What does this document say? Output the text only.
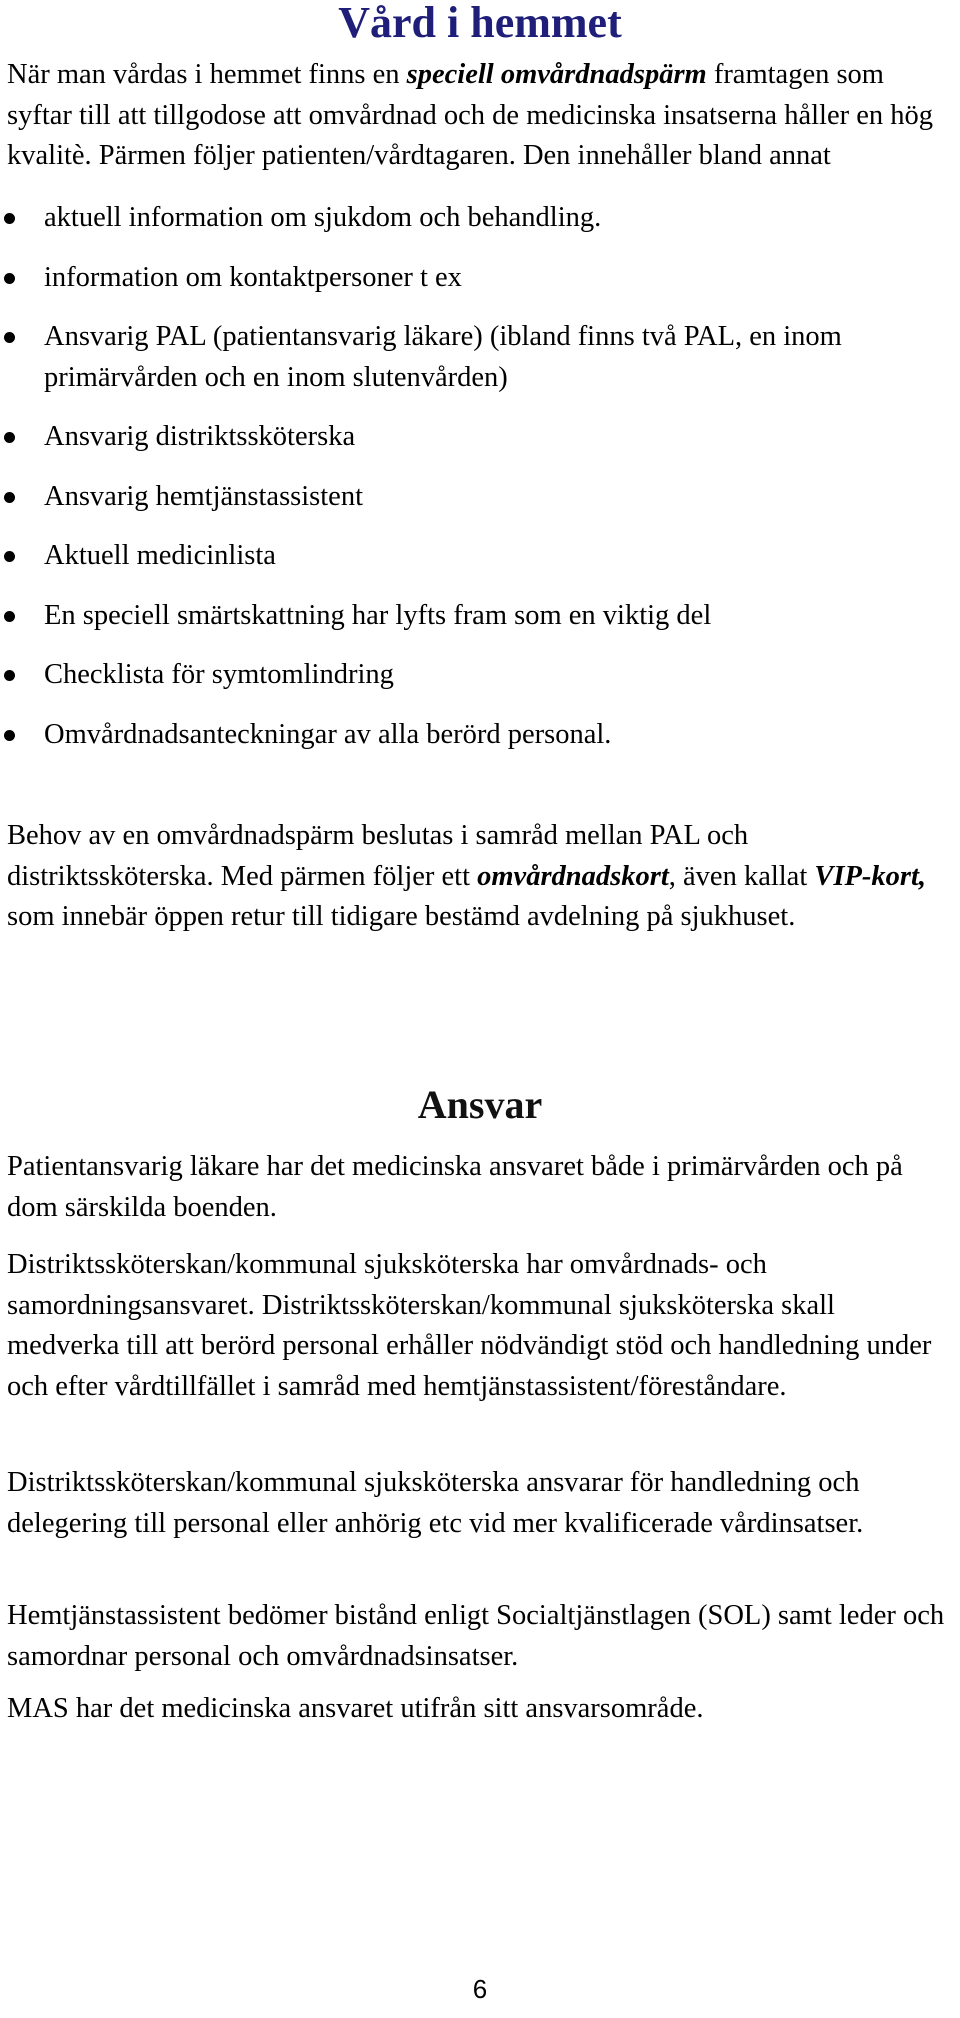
Vård i hemmet
När man vårdas i hemmet finns en speciell omvårdnadspärm framtagen som syftar till att tillgodose att omvårdnad och de medicinska insatserna håller en hög kvalitè. Pärmen följer patienten/vårdtagaren. Den innehåller bland annat
aktuell information om sjukdom och behandling.
information om kontaktpersoner t ex
Ansvarig PAL (patientansvarig läkare) (ibland finns två PAL, en inom primärvården och en inom slutenvården)
Ansvarig distriktssköterska
Ansvarig hemtjänstassistent
Aktuell medicinlista
En speciell smärtskattning har lyfts fram som en viktig del
Checklista för symtomlindring
Omvårdnadsanteckningar av alla berörd personal.
Behov av en omvårdnadspärm beslutas i samråd mellan PAL och distriktssköterska. Med pärmen följer ett omvårdnadskort, även kallat VIP-kort, som innebär öppen retur till tidigare bestämd avdelning på sjukhuset.
Ansvar
Patientansvarig läkare har det medicinska ansvaret både i primärvården och på dom särskilda boenden.
Distriktssköterskan/kommunal sjuksköterska har omvårdnads- och samordningsansvaret. Distriktssköterskan/kommunal sjuksköterska skall medverka till att berörd personal erhåller nödvändigt stöd och handledning under och efter vårdtillfället i samråd med hemtjänstassistent/föreståndare.
Distriktssköterskan/kommunal sjuksköterska ansvarar för handledning och delegering till personal eller anhörig etc vid mer kvalificerade vårdinsatser.
Hemtjänstassistent bedömer bistånd enligt Socialtjänstlagen (SOL) samt leder och samordnar personal och omvårdnadsinsatser.
MAS har det medicinska ansvaret utifrån sitt ansvarsområde.
6
